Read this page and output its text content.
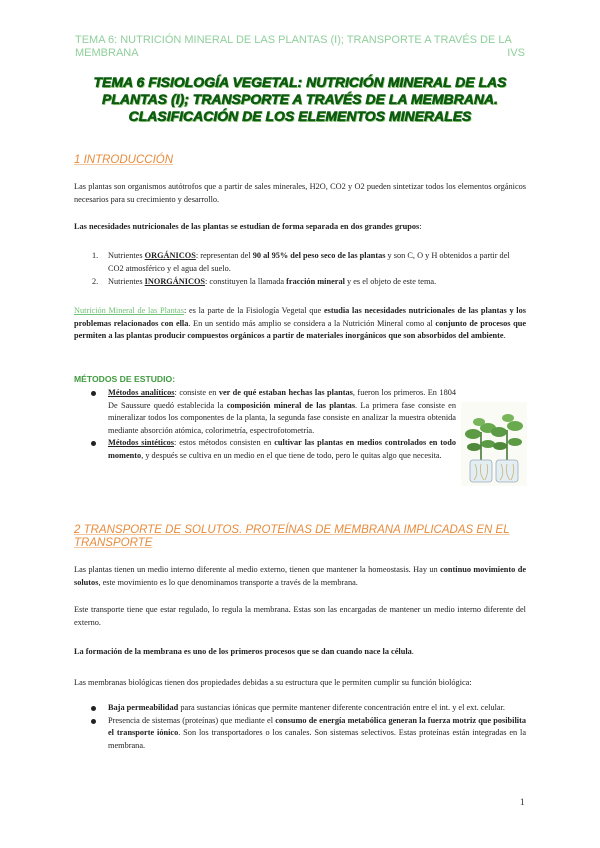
TEMA 6: NUTRICIÓN MINERAL DE LAS PLANTAS (I); TRANSPORTE A TRAVÉS DE LA MEMBRANA	IVS
TEMA 6 FISIOLOGÍA VEGETAL: NUTRICIÓN MINERAL DE LAS PLANTAS (I); TRANSPORTE A TRAVÉS DE LA MEMBRANA. CLASIFICACIÓN DE LOS ELEMENTOS MINERALES
1 INTRODUCCIÓN
Las plantas son organismos autótrofos que a partir de sales minerales, H2O, CO2 y O2 pueden sintetizar todos los elementos orgánicos necesarios para su crecimiento y desarrollo.
Las necesidades nutricionales de las plantas se estudian de forma separada en dos grandes grupos:
1. Nutrientes ORGÁNICOS: representan del 90 al 95% del peso seco de las plantas y son C, O y H obtenidos a partir del CO2 atmosférico y el agua del suelo.
2. Nutrientes INORGÁNICOS: constituyen la llamada fracción mineral y es el objeto de este tema.
Nutrición Mineral de las Plantas: es la parte de la Fisiología Vegetal que estudia las necesidades nutricionales de las plantas y los problemas relacionados con ella. En un sentido más amplio se considera a la Nutrición Mineral como al conjunto de procesos que permiten a las plantas producir compuestos orgánicos a partir de materiales inorgánicos que son absorbidos del ambiente.
MÉTODOS DE ESTUDIO:
Métodos analíticos: consiste en ver de qué estaban hechas las plantas, fueron los primeros. En 1804 De Saussure quedó establecida la composición mineral de las plantas. La primera fase consiste en mineralizar todos los componentes de la planta, la segunda fase consiste en analizar la muestra obtenida mediante absorción atómica, colorimetría, espectrofotometría.
Métodos sintéticos: estos métodos consisten en cultivar las plantas en medios controlados en todo momento, y después se cultiva en un medio en el que tiene de todo, pero le quitas algo que necesita.
2 TRANSPORTE DE SOLUTOS. PROTEÍNAS DE MEMBRANA IMPLICADAS EN EL TRANSPORTE
Las plantas tienen un medio interno diferente al medio externo, tienen que mantener la homeostasis. Hay un continuo movimiento de solutos, este movimiento es lo que denominamos transporte a través de la membrana.
Este transporte tiene que estar regulado, lo regula la membrana. Estas son las encargadas de mantener un medio interno diferente del externo.
La formación de la membrana es uno de los primeros procesos que se dan cuando nace la célula.
Las membranas biológicas tienen dos propiedades debidas a su estructura que le permiten cumplir su función biológica:
Baja permeabilidad para sustancias iónicas que permite mantener diferente concentración entre el int. y el ext. celular.
Presencia de sistemas (proteínas) que mediante el consumo de energía metabólica generan la fuerza motriz que posibilita el transporte iónico. Son los transportadores o los canales. Son sistemas selectivos. Estas proteínas están integradas en la membrana.
1
